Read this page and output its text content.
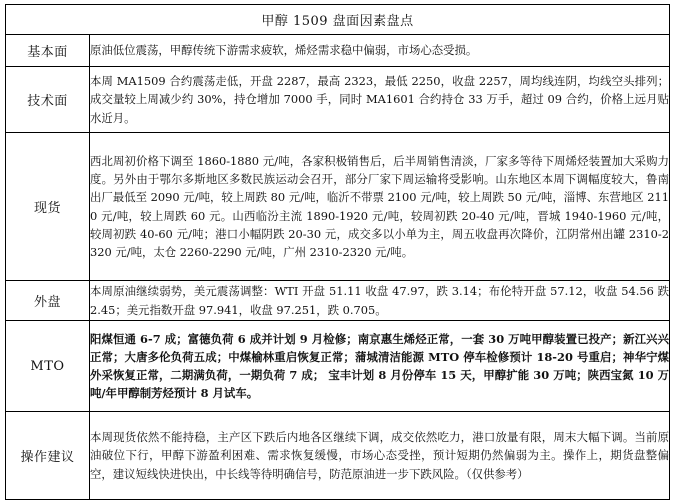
甲醇 1509 盘面因素盘点	
基本面	原油低位震荡，甲醇传统下游需求疲软，烯烃需求稳中偏弱，市场心态受损。
技术面	本周 MA1509 合约震荡走低，开盘 2287，最高 2323，最低 2250，收盘 2257，周均线连阴，均线空头排列；成交量较上周减少约 30%，持仓增加 7000 手，同时 MA1601 合约持仓 33 万手，超过 09 合约，价格上远月贴水近月。
现货	西北周初价格下调至 1860-1880 元/吨，各家积极销售后，后半周销售清淡，厂家多等待下周烯烃装置加大采购力度。另外由于鄂尔多斯地区多数民族运动会召开，部分厂家下周运输将受影响。山东地区本周下调幅度较大，鲁南出厂最低至 2090 元/吨，较上周跌 80 元/吨，临沂不带票 2100 元/吨，较上周跌 50 元/吨，淄博、东营地区 2110 元/吨，较上周跌 60 元。山西临汾主流 1890-1920 元/吨，较周初跌 20-40 元/吨，晋城 1940-1960 元/吨，较周初跌 40-60 元/吨；港口小幅阴跌 20-30 元，成交多以小单为主，周五收盘再次降价，江阴常州出罐 2310-2320 元/吨，太仓 2260-2290 元/吨，广州 2310-2320 元/吨。
外盘	本周原油继续弱势，美元震荡调整：WTI 开盘 51.11 收盘 47.97，跌 3.14；布伦特开盘 57.12，收盘 54.56 跌 2.45；美元指数开盘 97.941，收盘 97.251，跌 0.705。
MTO	阳煤恒通 6-7 成；富德负荷 6 成并计划 9 月检修；南京惠生烯烃正常，一套 30 万吨甲醇装置已投产；新江兴兴正常；大唐多伦负荷五成；中煤榆林重启恢复正常；蒲城清洁能源 MTO 停车检修预计 18-20 号重启；神华宁煤外采恢复正常，二期满负荷，一期负荷 7 成； 宝丰计划 8 月份停车 15 天，甲醇扩能 30 万吨；陕西宝氮 10 万吨/年甲醇制芳烃预计 8 月试车。
操作建议	本周现货依然不能持稳，主产区下跌后内地各区继续下调，成交依然吃力，港口放量有限，周末大幅下调。当前原油破位下行，甲醇下游盈利困难、需求恢复缓慢，市场心态受挫，预计短期仍然偏弱为主。操作上，期货盘整偏空，建议短线快进快出，中长线等待明确信号，防范原油进一步下跌风险。（仅供参考）
